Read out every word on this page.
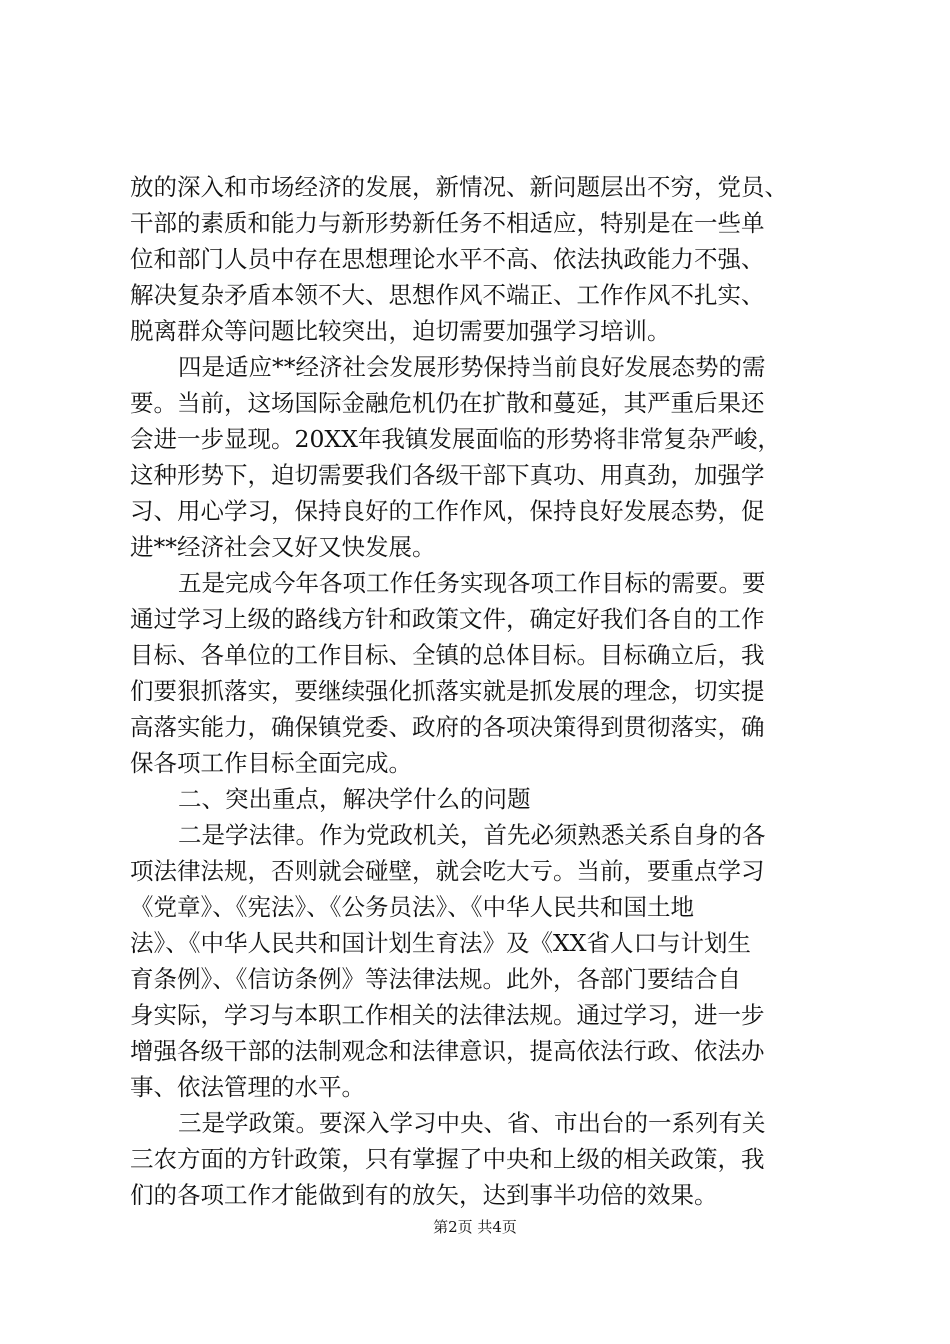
放的深入和市场经济的发展，新情况、新问题层出不穷，党员、
干部的素质和能力与新形势新任务不相适应，特别是在一些单
位和部门人员中存在思想理论水平不高、依法执政能力不强、
解决复杂矛盾本领不大、思想作风不端正、工作作风不扎实、
脱离群众等问题比较突出，迫切需要加强学习培训。
四是适应**经济社会发展形势保持当前良好发展态势的需
要。当前，这场国际金融危机仍在扩散和蔓延，其严重后果还
会进一步显现。20XX年我镇发展面临的形势将非常复杂严峻，
这种形势下，迫切需要我们各级干部下真功、用真劲，加强学
习、用心学习，保持良好的工作作风，保持良好发展态势，促
进**经济社会又好又快发展。
五是完成今年各项工作任务实现各项工作目标的需要。要
通过学习上级的路线方针和政策文件，确定好我们各自的工作
目标、各单位的工作目标、全镇的总体目标。目标确立后，我
们要狠抓落实，要继续强化抓落实就是抓发展的理念，切实提
高落实能力，确保镇党委、政府的各项决策得到贯彻落实，确
保各项工作目标全面完成。
二、突出重点，解决学什么的问题
二是学法律。作为党政机关，首先必须熟悉关系自身的各
项法律法规，否则就会碰壁，就会吃大亏。当前，要重点学习
《党章》、《宪法》、《公务员法》、《中华人民共和国土地
法》、《中华人民共和国计划生育法》及《XX省人口与计划生
育条例》、《信访条例》等法律法规。此外，各部门要结合自
身实际，学习与本职工作相关的法律法规。通过学习，进一步
增强各级干部的法制观念和法律意识，提高依法行政、依法办
事、依法管理的水平。
三是学政策。要深入学习中央、省、市出台的一系列有关
三农方面的方针政策，只有掌握了中央和上级的相关政策，我
们的各项工作才能做到有的放矢，达到事半功倍的效果。
第2页 共4页
